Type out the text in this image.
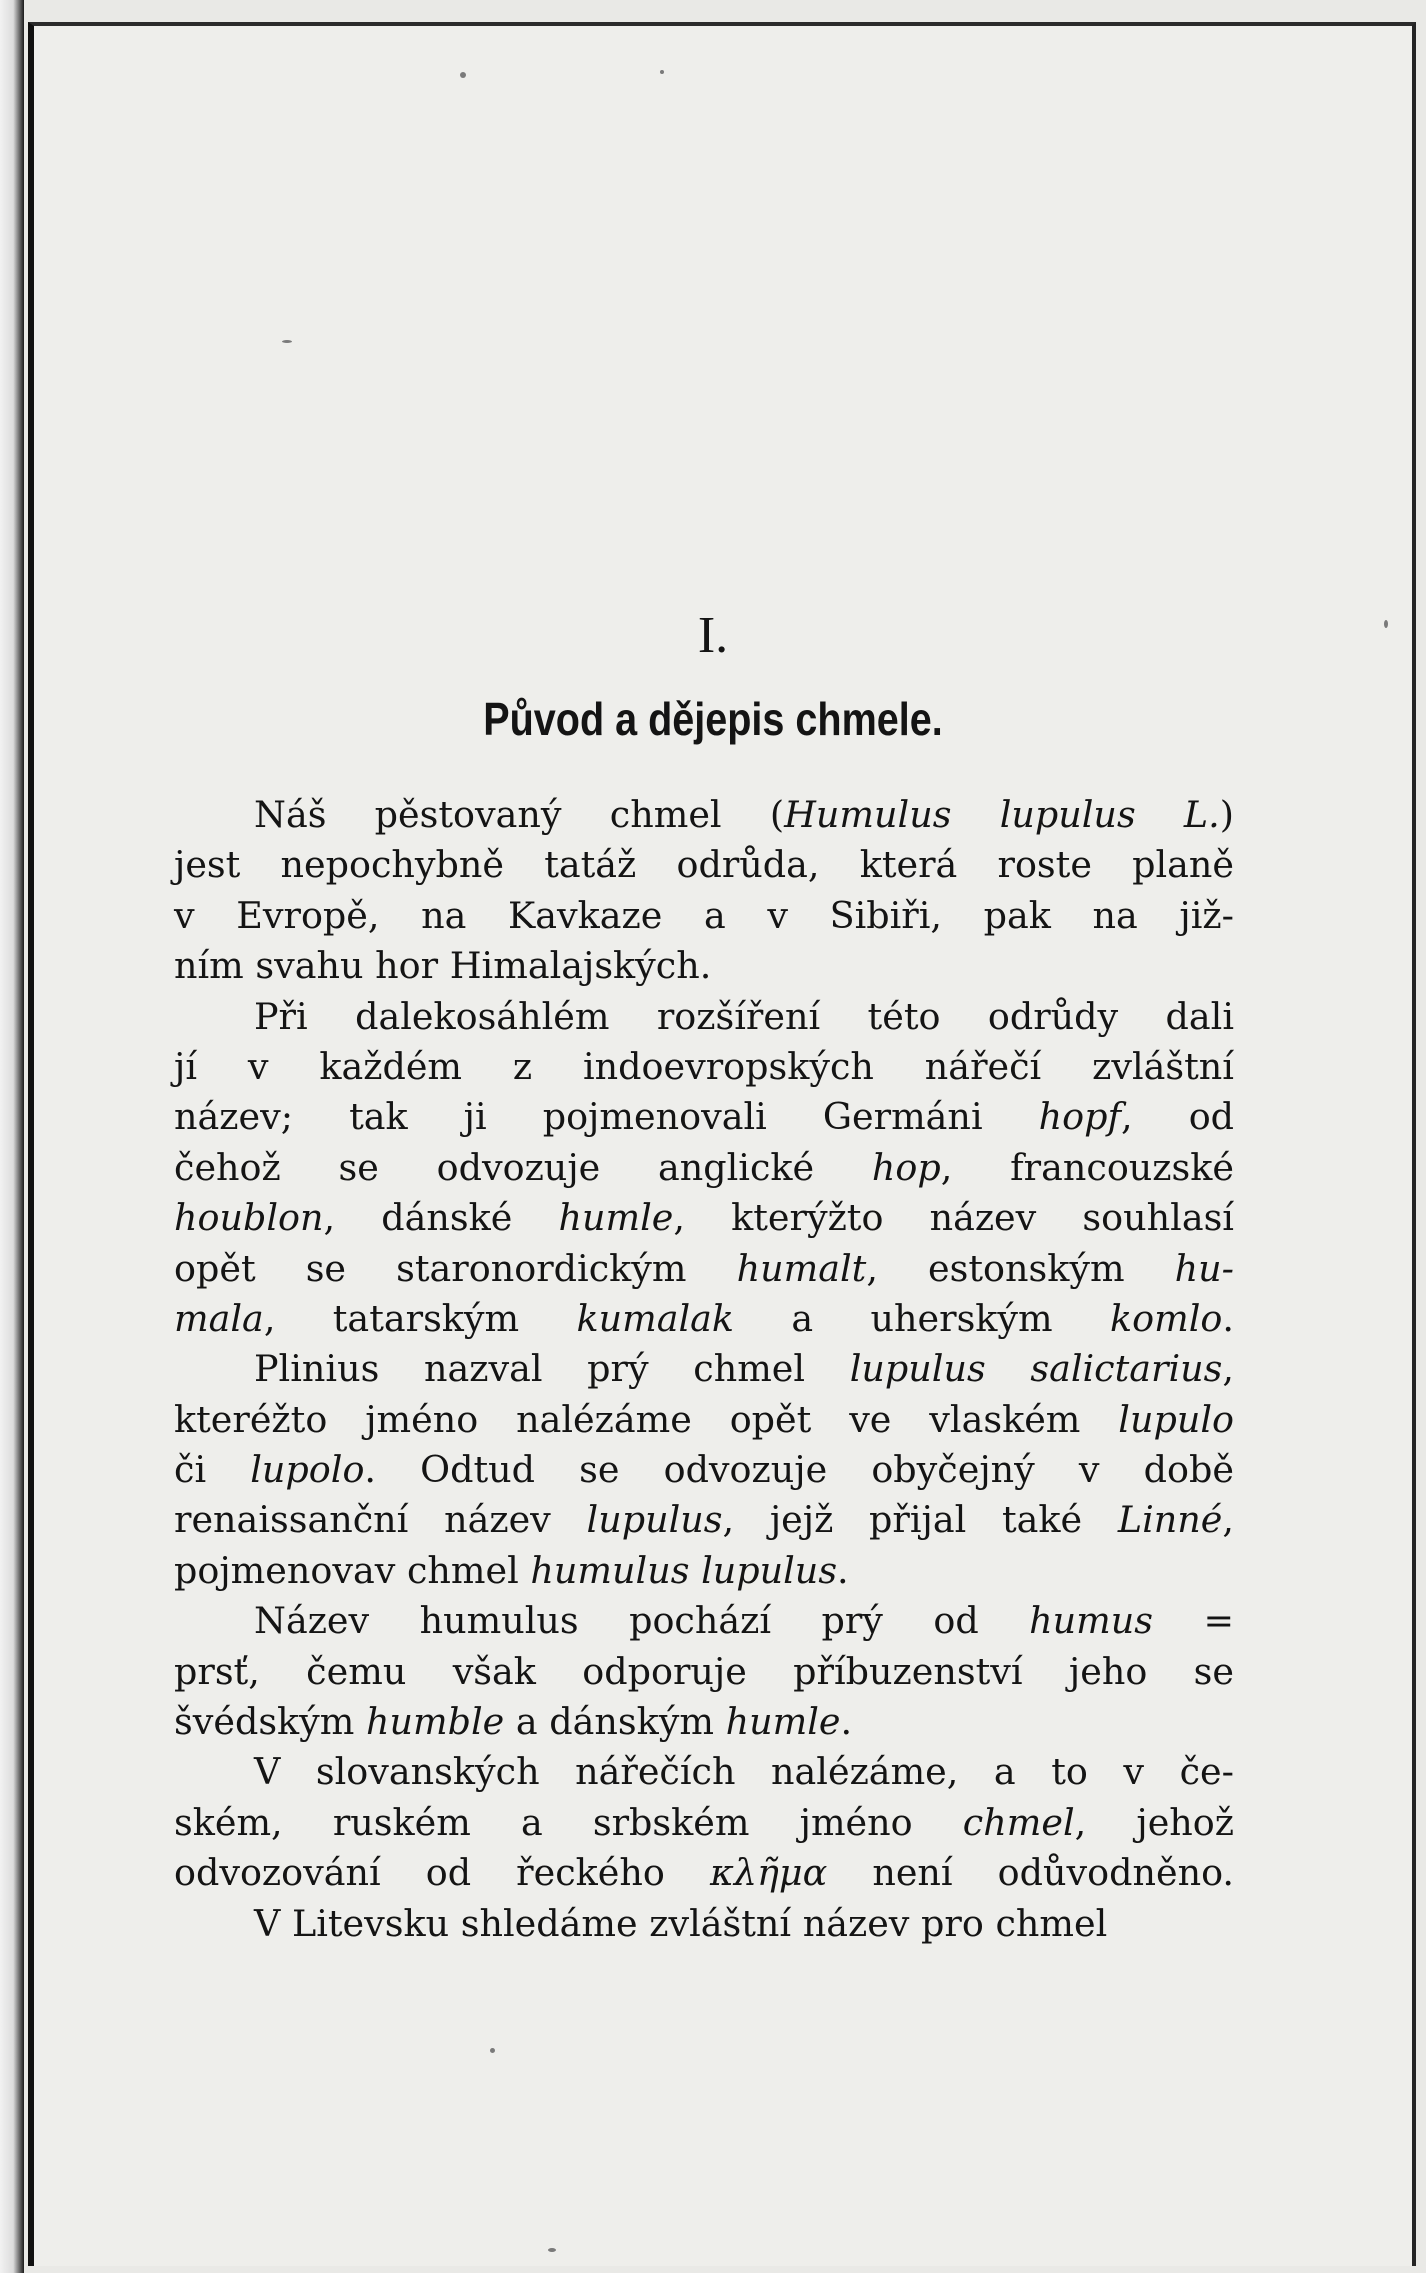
I.
Původ a dějepis chmele.
Náš pěstovaný chmel (Humulus lupulus L.)
jest nepochybně tatáž odrůda, která roste planě
v Evropě, na Kavkaze a v Sibiři, pak na již-
ním svahu hor Himalajských.
Při dalekosáhlém rozšíření této odrůdy dali
jí v každém z indoevropských nářečí zvláštní
název; tak ji pojmenovali Germáni hopf, od
čehož se odvozuje anglické hop, francouzské
houblon, dánské humle, kterýžto název souhlasí
opět se staronordickým humalt, estonským hu-
mala, tatarským kumalak a uherským komlo.
Plinius nazval prý chmel lupulus salictarius,
kteréžto jméno nalézáme opět ve vlaském lupulo
či lupolo. Odtud se odvozuje obyčejný v době
renaissanční název lupulus, jejž přijal také Linné,
pojmenovav chmel humulus lupulus.
Název humulus pochází prý od humus =
prsť, čemu však odporuje příbuzenství jeho se
švédským humble a dánským humle.
V slovanských nářečích nalézáme, a to v če-
ském, ruském a srbském jméno chmel, jehož
odvozování od řeckého κλῆμα není odůvodněno.
V Litevsku shledáme zvláštní název pro chmel
